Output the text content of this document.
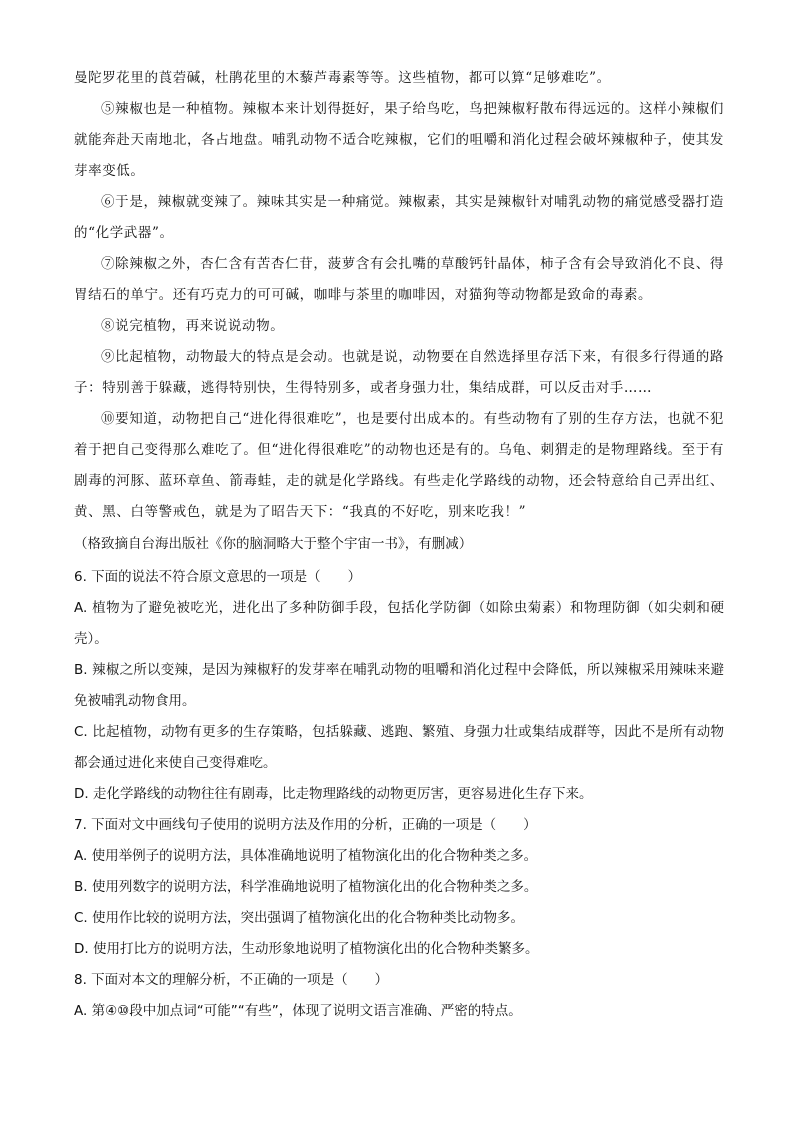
曼陀罗花里的莨菪碱，杜鹃花里的木藜芦毒素等等。这些植物，都可以算“足够难吃”。

⑤辣椒也是一种植物。辣椒本来计划得挺好，果子给鸟吃，鸟把辣椒籽散布得远远的。这样小辣椒们就能奔赴天南地北，各占地盘。哺乳动物不适合吃辣椒，它们的咀嚼和消化过程会破坏辣椒种子，使其发芽率变低。

⑥于是，辣椒就变辣了。辣味其实是一种痛觉。辣椒素，其实是辣椒针对哺乳动物的痛觉感受器打造的“化学武器”。

⑦除辣椒之外，杏仁含有苦杏仁苷，菠萝含有会扎嘴的草酸钙针晶体，柿子含有会导致消化不良、得胃结石的单宁。还有巧克力的可可碱，咖啡与茶里的咖啡因，对猫狗等动物都是致命的毒素。

⑧说完植物，再来说说动物。

⑨比起植物，动物最大的特点是会动。也就是说，动物要在自然选择里存活下来，有很多行得通的路子：特别善于躲藏，逃得特别快，生得特别多，或者身强力壮，集结成群，可以反击对手……

⑩要知道，动物把自己“进化得很难吃”，也是要付出成本的。有些动物有了别的生存方法，也就不犯着于把自己变得那么难吃了。但“进化得很难吃”的动物也还是有的。乌龟、刺猬走的是物理路线。至于有剧毒的河豚、蓝环章鱼、箭毒蛙，走的就是化学路线。有些走化学路线的动物，还会特意给自己弄出红、黄、黑、白等警戒色，就是为了昭告天下：“我真的不好吃，别来吃我！”

（格致摘自台海出版社《你的脑洞略大于整个宇宙一书》，有删减）

6. 下面的说法不符合原文意思的一项是（　　）

A. 植物为了避免被吃光，进化出了多种防御手段，包括化学防御（如除虫菊素）和物理防御（如尖刺和硬壳）。

B. 辣椒之所以变辣，是因为辣椒籽的发芽率在哺乳动物的咀嚼和消化过程中会降低，所以辣椒采用辣味来避免被哺乳动物食用。

C. 比起植物，动物有更多的生存策略，包括躲藏、逃跑、繁殖、身强力壮或集结成群等，因此不是所有动物都会通过进化来使自己变得难吃。

D. 走化学路线的动物往往有剧毒，比走物理路线的动物更厉害，更容易进化生存下来。

7. 下面对文中画线句子使用的说明方法及作用的分析，正确的一项是（　　）

A. 使用举例子的说明方法，具体准确地说明了植物演化出的化合物种类之多。

B. 使用列数字的说明方法，科学准确地说明了植物演化出的化合物种类之多。

C. 使用作比较的说明方法，突出强调了植物演化出的化合物种类比动物多。

D. 使用打比方的说明方法，生动形象地说明了植物演化出的化合物种类繁多。

8. 下面对本文的理解分析，不正确的一项是（　　）

A. 第④⑩段中加点词“可能”“有些”，体现了说明文语言准确、严密的特点。
